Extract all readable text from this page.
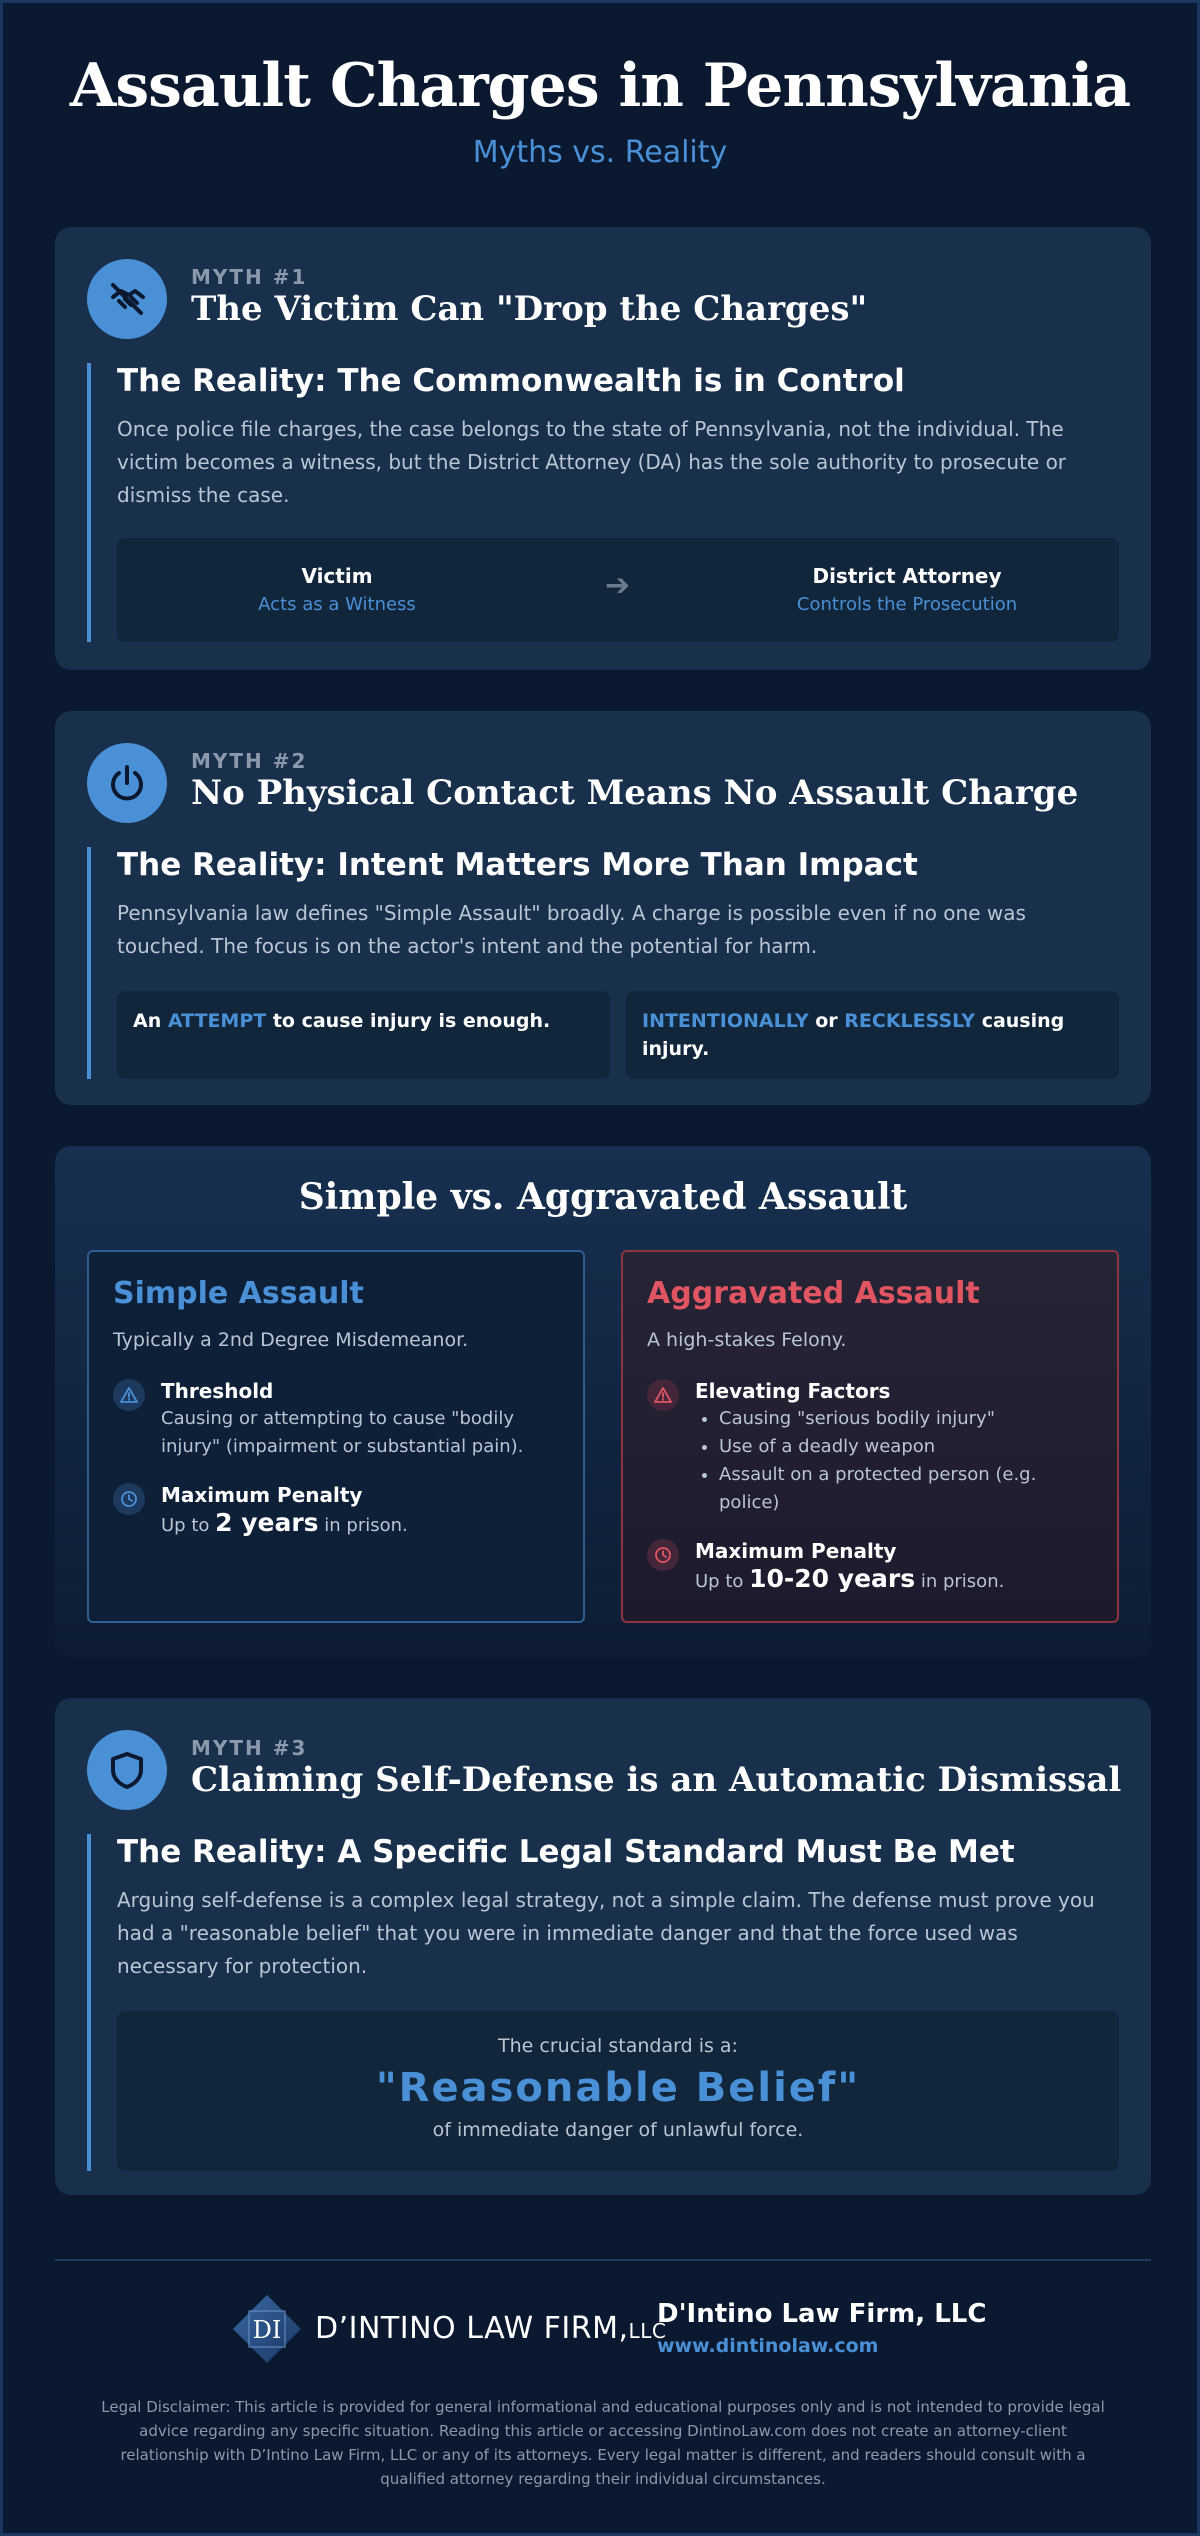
Assault Charges in Pennsylvania
Myths vs. Reality
MYTH #1
The Victim Can "Drop the Charges"
The Reality: The Commonwealth is in Control

Once police file charges, the case belongs to the state of Pennsylvania, not the individual. The victim becomes a witness, but the District Attorney (DA) has the sole authority to prosecute or dismiss the case.

Victim
Acts as a Witness
➔	District Attorney
Controls the Prosecution
MYTH #2
No Physical Contact Means No Assault Charge
The Reality: Intent Matters More Than Impact

Pennsylvania law defines "Simple Assault" broadly. A charge is possible even if no one was touched. The focus is on the actor's intent and the potential for harm.

An ATTEMPT to cause injury is enough.	INTENTIONALLY or RECKLESSLY causing injury.
Simple vs. Aggravated Assault
Simple Assault
Typically a 2nd Degree Misdemeanor.
Threshold
Causing or attempting to cause "bodily injury" (impairment or substantial pain).
Maximum Penalty
Up to 2 years in prison.
Aggravated Assault
A high-stakes Felony.
Elevating Factors
• Causing "serious bodily injury"
• Use of a deadly weapon
• Assault on a protected person (e.g. police)
Maximum Penalty
Up to 10-20 years in prison.
MYTH #3
Claiming Self-Defense is an Automatic Dismissal
The Reality: A Specific Legal Standard Must Be Met

Arguing self-defense is a complex legal strategy, not a simple claim. The defense must prove you had a "reasonable belief" that you were in immediate danger and that the force used was necessary for protection.

The crucial standard is a:
"Reasonable Belief"
of immediate danger of unlawful force.
DI D’INTINO LAW FIRM,LLC
D'Intino Law Firm, LLC
www.dintinolaw.com
Legal Disclaimer: This article is provided for general informational and educational purposes only and is not intended to provide legal advice regarding any specific situation. Reading this article or accessing DintinoLaw.com does not create an attorney-client relationship with D’Intino Law Firm, LLC or any of its attorneys. Every legal matter is different, and readers should consult with a qualified attorney regarding their individual circumstances.
